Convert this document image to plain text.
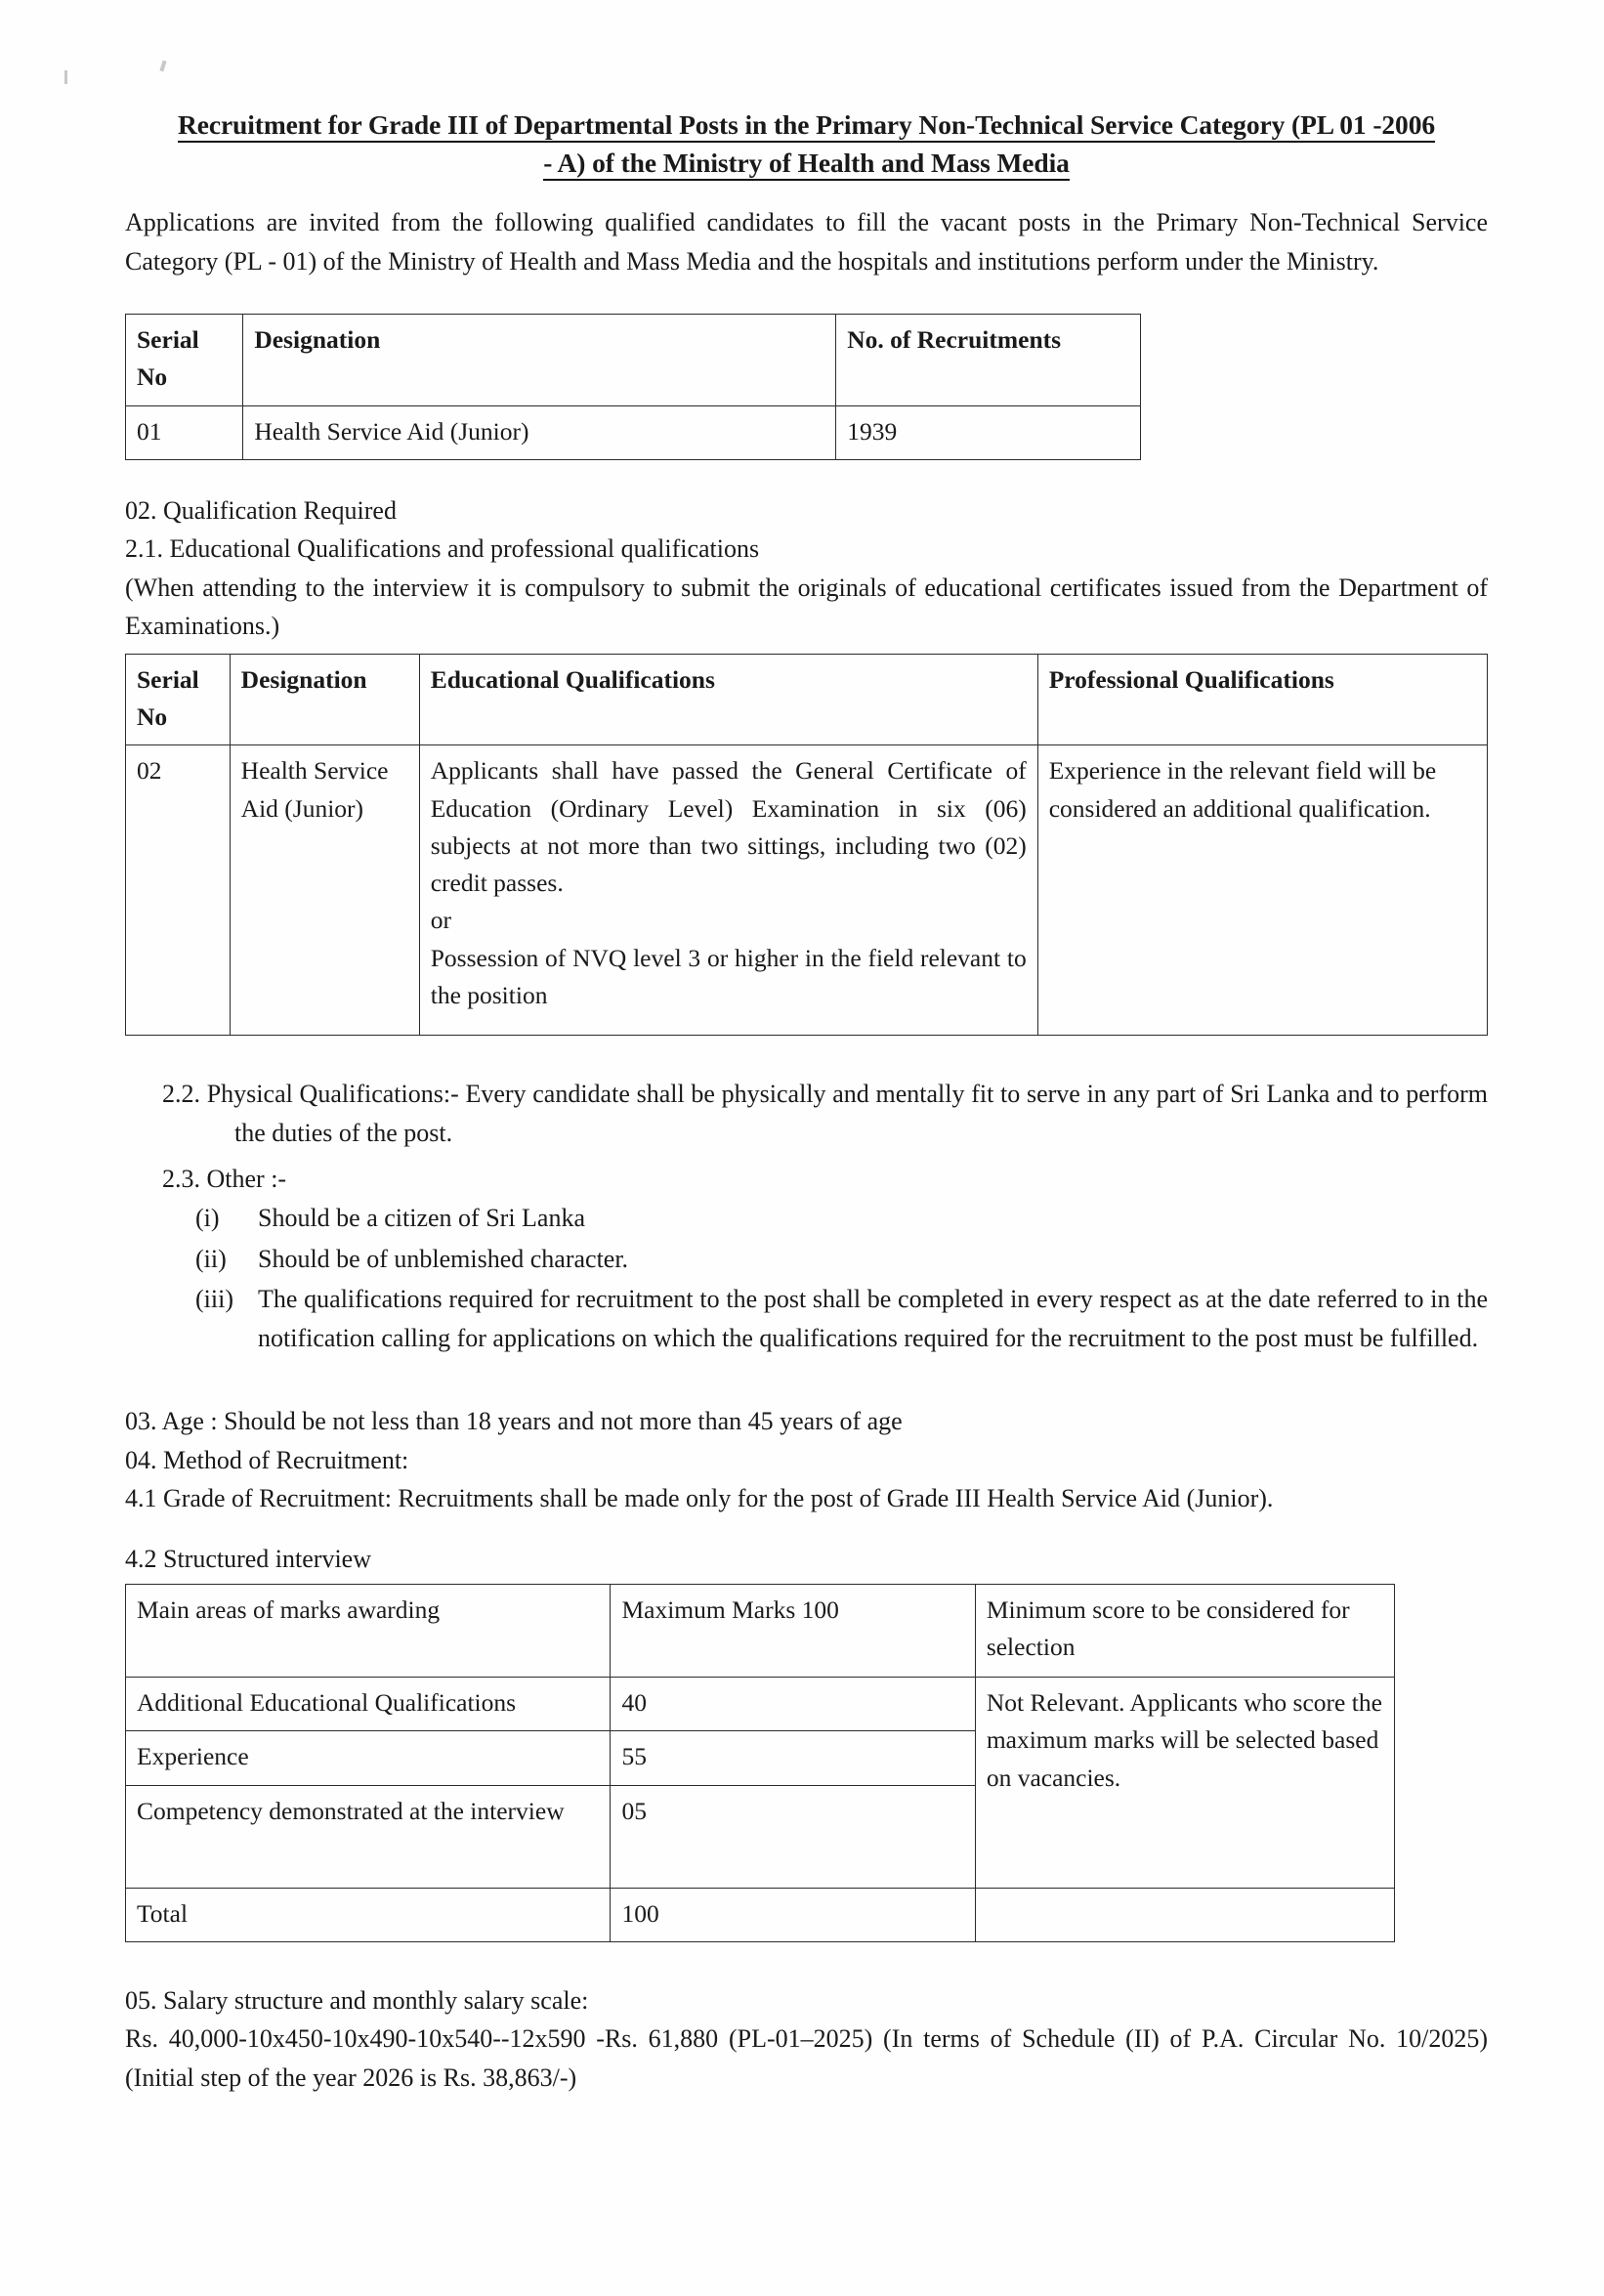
Recruitment for Grade III of Departmental Posts in the Primary Non-Technical Service Category (PL 01 -2006
- A) of the Ministry of Health and Mass Media

Applications are invited from the following qualified candidates to fill the vacant posts in the Primary Non-Technical Service Category (PL - 01) of the Ministry of Health and Mass Media and the hospitals and institutions perform under the Ministry.

Serial
No	Designation	No. of Recruitments
01	Health Service Aid (Junior)	1939

02. Qualification Required

2.1. Educational Qualifications and professional qualifications

(When attending to the interview it is compulsory to submit the originals of educational certificates issued from the Department of Examinations.)

Serial
No	Designation	Educational Qualifications	Professional Qualifications
02	Health Service Aid (Junior)	Applicants shall have passed the General Certificate of Education (Ordinary Level) Examination in six (06) subjects at not more than two sittings, including two (02) credit passes.
or
Possession of NVQ level 3 or higher in the field relevant to the position	Experience in the relevant field will be considered an additional qualification.

2.2. Physical Qualifications:- Every candidate shall be physically and mentally fit to serve in any part of Sri Lanka and to perform the duties of the post.

2.3. Other :-

(i)	Should be a citizen of Sri Lanka
(ii)	Should be of unblemished character.
(iii) The qualifications required for recruitment to the post shall be completed in every respect as at the date referred to in the notification calling for applications on which the qualifications required for the recruitment to the post must be fulfilled.

03. Age : Should be not less than 18 years and not more than 45 years of age

04. Method of Recruitment:

4.1 Grade of Recruitment: Recruitments shall be made only for the post of Grade III Health Service Aid (Junior).

4.2 Structured interview

Main areas of marks awarding	Maximum Marks 100	Minimum score to be considered for selection
Additional Educational Qualifications	40	Not Relevant. Applicants who score the maximum marks will be selected based on vacancies.
Experience	55	
Competency demonstrated at the interview	05	
Total	100	

05. Salary structure and monthly salary scale:

Rs. 40,000-10x450-10x490-10x540--12x590 -Rs. 61,880 (PL-01–2025) (In terms of Schedule (II) of P.A. Circular No. 10/2025) (Initial step of the year 2026 is Rs. 38,863/-)
